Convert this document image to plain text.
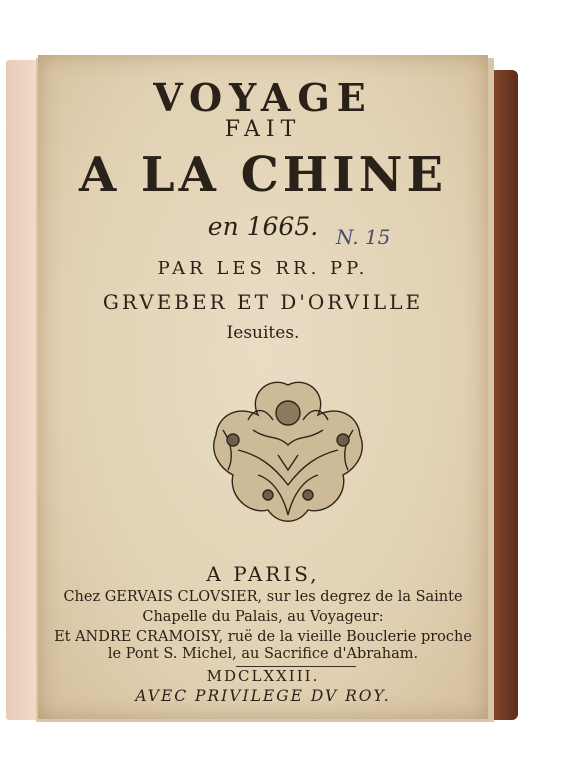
VOYAGE
FAIT
A LA CHINE
en 1665. N. 15
PAR LES RR. PP.
GRVEBER ET D'ORVILLE
Iesuites.
A PARIS,
Chez GERVAIS CLOVSIER, sur les degrez de la Sainte
Chapelle du Palais, au Voyageur:
Et ANDRE CRAMOISY, ruë de la vieille Bouclerie proche
le Pont S. Michel, au Sacrifice d'Abraham.
MDCLXXIII.
AVEC PRIVILEGE DV ROY.
